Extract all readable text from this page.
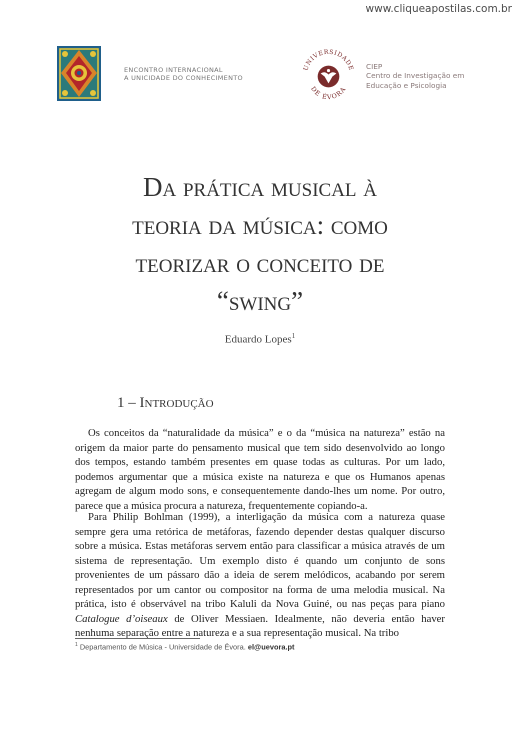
www.cliqueapostilas.com.br
ENCONTRO INTERNACIONAL
A UNICIDADE DO CONHECIMENTO
UNIVERSIDADE
DE ÉVORA
CIEP
Centro de Investigação em
Educação e Psicologia
Da prática musical à
teoria da música: como
teorizar o conceito de
“swing”
Eduardo Lopes$^1$
1 – Introdução

Os conceitos da “naturalidade da música” e o da “música na natureza” estão na origem da maior parte do pensamento musical que tem sido desenvolvido ao longo dos tempos, estando também presentes em quase todas as culturas. Por um lado, podemos argumentar que a música existe na natureza e que os Humanos apenas agregam de algum modo sons, e consequentemente dando-lhes um nome. Por outro, parece que a música procura a natureza, frequentemente copiando-a.

Para Philip Bohlman (1999), a interligação da música com a natureza quase sempre gera uma retórica de metáforas, fazendo depender destas qualquer discurso sobre a música. Estas metáforas servem então para classificar a música através de um sistema de representação. Um exemplo disto é quando um conjunto de sons provenientes de um pássaro dão a ideia de serem melódicos, acabando por serem representados por um cantor ou compositor na forma de uma melodia musical. Na prática, isto é observável na tribo Kaluli da Nova Guiné, ou nas peças para piano Catalogue d’oiseaux de Oliver Messiaen. Idealmente, não deveria então haver nenhuma separação entre a natureza e a sua representação musical. Na tribo

$^1$ Departamento de Música - Universidade de Évora. el@uevora.pt
